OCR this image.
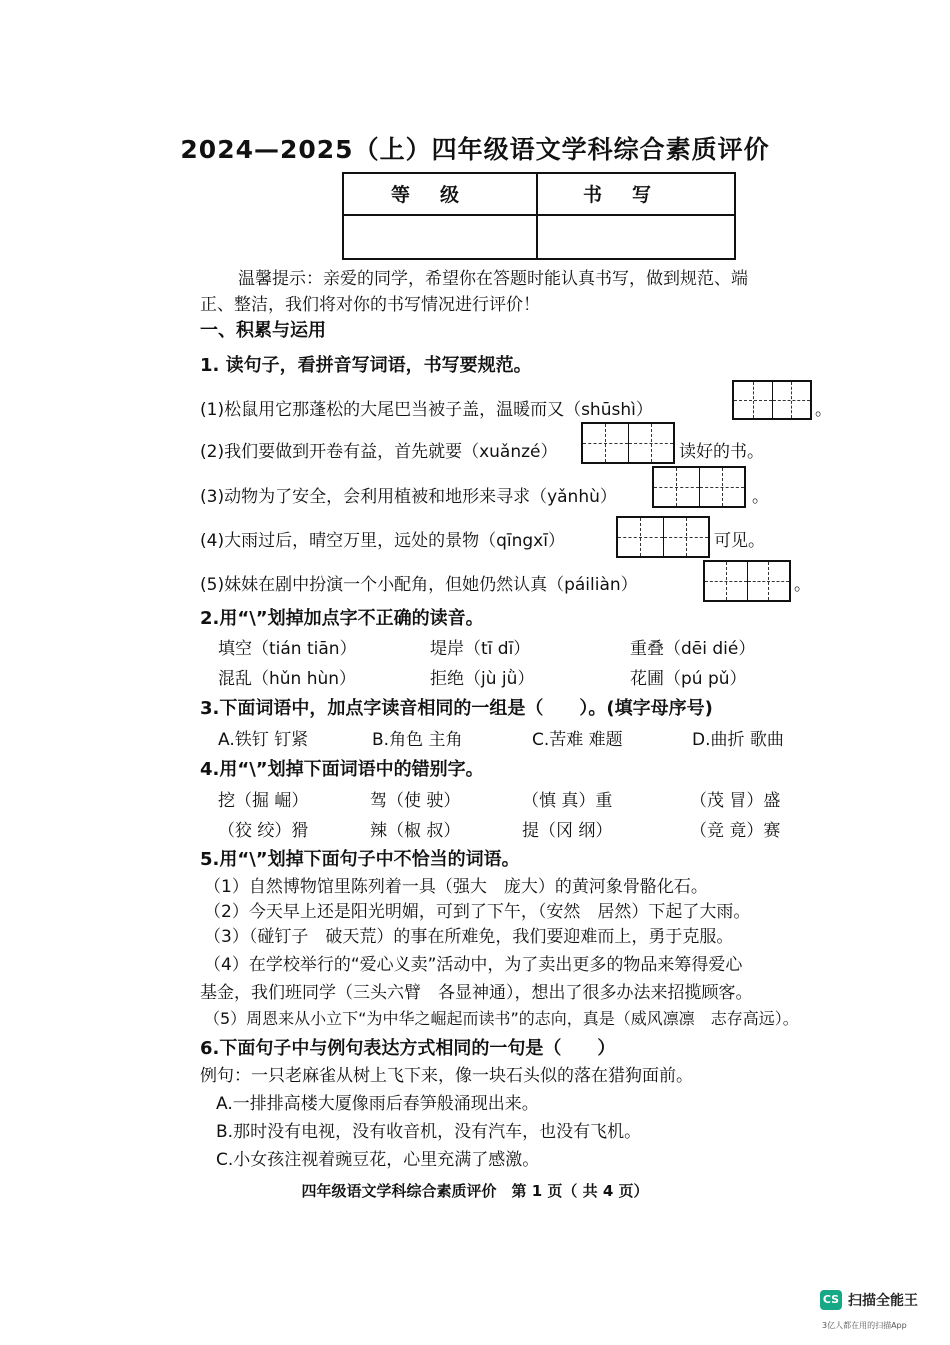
2024—2025（上）四年级语文学科综合素质评价
等级	书写
温馨提示：亲爱的同学，希望你在答题时能认真书写，做到规范、端
正、整洁，我们将对你的书写情况进行评价！
一、积累与运用
1. 读句子，看拼音写词语，书写要规范。
(1)松鼠用它那蓬松的大尾巴当被子盖，温暖而又（shūshì）	。
(2)我们要做到开卷有益，首先就要（xuǎnzé）	读好的书。
(3)动物为了安全，会利用植被和地形来寻求（yǎnhù）	。
(4)大雨过后，晴空万里，远处的景物（qīngxī）	可见。
(5)妹妹在剧中扮演一个小配角，但她仍然认真（páiliàn）	。
2.用“\”划掉加点字不正确的读音。
填空（tián tiān）	堤岸（tī dī）	重叠（dēi dié）
混乱（hǔn hùn）	拒绝（jù jǜ）	花圃（pú pǔ）
3.下面词语中，加点字读音相同的一组是（　　）。(填字母序号)
A.铁钉 钉紧	B.角色 主角	C.苦难 难题	D.曲折 歌曲
4.用“\”划掉下面词语中的错别字。
挖（掘 崛）	驾（使 驶）	（慎 真）重	（茂 冒）盛
（狡 绞）猾	辣（椒 叔）	提（冈 纲）	（竞 竟）赛
5.用“\”划掉下面句子中不恰当的词语。
（1）自然博物馆里陈列着一具（强大　庞大）的黄河象骨骼化石。
（2）今天早上还是阳光明媚，可到了下午，（安然　居然）下起了大雨。
（3）（碰钉子　破天荒）的事在所难免，我们要迎难而上，勇于克服。
（4）在学校举行的“爱心义卖”活动中，为了卖出更多的物品来筹得爱心
基金，我们班同学（三头六臂　各显神通），想出了很多办法来招揽顾客。
（5）周恩来从小立下“为中华之崛起而读书”的志向，真是（威风凛凛　志存高远）。
6.下面句子中与例句表达方式相同的一句是（　　）
例句：一只老麻雀从树上飞下来，像一块石头似的落在猎狗面前。
A.一排排高楼大厦像雨后春笋般涌现出来。
B.那时没有电视，没有收音机，没有汽车，也没有飞机。
C.小女孩注视着豌豆花，心里充满了感激。
四年级语文学科综合素质评价　第 1 页（ 共 4 页）
CS 扫描全能王
3亿人都在用的扫描App
